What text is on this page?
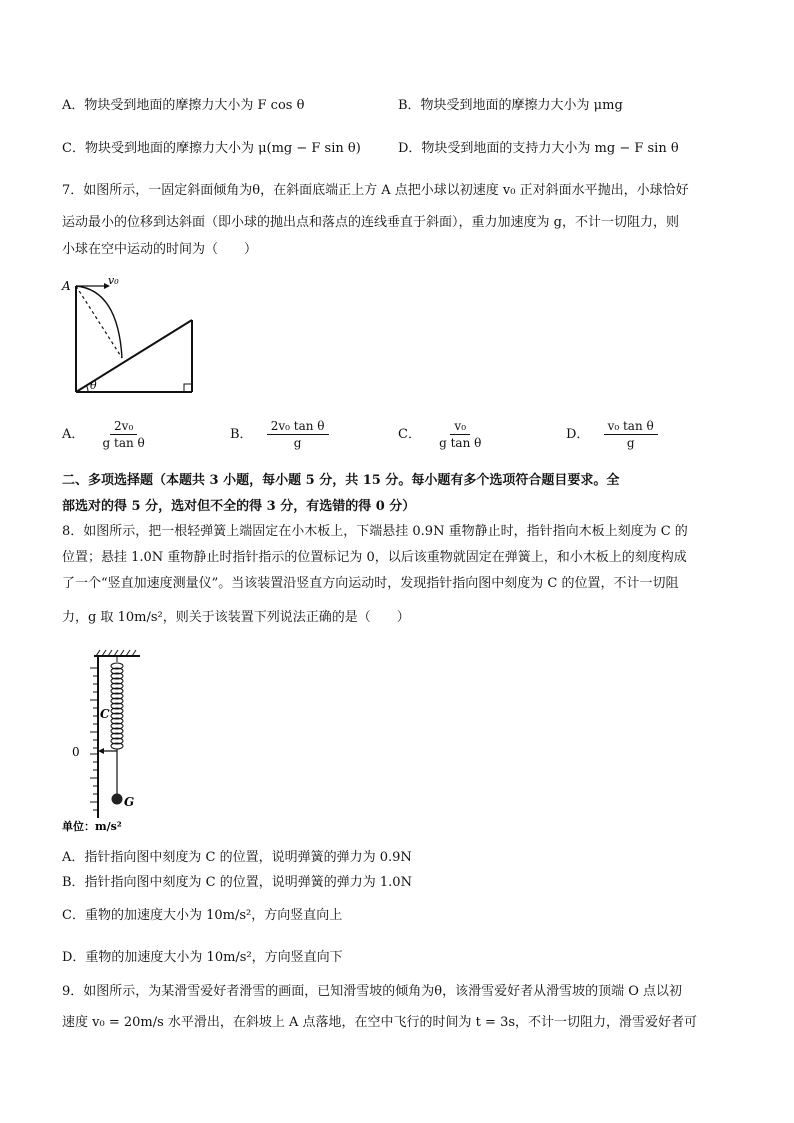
A．物块受到地面的摩擦力大小为 F cos θ	B．物块受到地面的摩擦力大小为 μmg
C．物块受到地面的摩擦力大小为 μ(mg − F sin θ)	D．物块受到地面的支持力大小为 mg − F sin θ
7．如图所示，一固定斜面倾角为θ，在斜面底端正上方 A 点把小球以初速度 v₀ 正对斜面水平抛出，小球恰好
运动最小的位移到达斜面（即小球的抛出点和落点的连线垂直于斜面），重力加速度为 g，不计一切阻力，则
小球在空中运动的时间为（　　）
A	v₀
θ
A． $\frac{\text{2v₀}}{\text{g tan θ}}$	B． $\frac{\text{2v₀ tan θ}}{g}$	C． $\frac{\text{v₀}}{\text{g tan θ}}$	D． $\frac{\text{v₀ tan θ}}{g}$
二、多项选择题（本题共 3 小题，每小题 5 分，共 15 分。每小题有多个选项符合题目要求。全
部选对的得 5 分，选对但不全的得 3 分，有选错的得 0 分）
8．如图所示，把一根轻弹簧上端固定在小木板上，下端悬挂 0.9N 重物静止时，指针指向木板上刻度为 C 的
位置；悬挂 1.0N 重物静止时指针指示的位置标记为 0，以后该重物就固定在弹簧上，和小木板上的刻度构成
了一个“竖直加速度测量仪”。当该装置沿竖直方向运动时，发现指针指向图中刻度为 C 的位置，不计一切阻
力，g 取 10m/s²，则关于该装置下列说法正确的是（　　）
C
0
G
单位：m/s²
A．指针指向图中刻度为 C 的位置，说明弹簧的弹力为 0.9N
B．指针指向图中刻度为 C 的位置，说明弹簧的弹力为 1.0N
C．重物的加速度大小为 10m/s²，方向竖直向上
D．重物的加速度大小为 10m/s²，方向竖直向下
9．如图所示，为某滑雪爱好者滑雪的画面，已知滑雪坡的倾角为θ，该滑雪爱好者从滑雪坡的顶端 O 点以初
速度 v₀ = 20m/s 水平滑出，在斜坡上 A 点落地，在空中飞行的时间为 t = 3s，不计一切阻力，滑雪爱好者可
